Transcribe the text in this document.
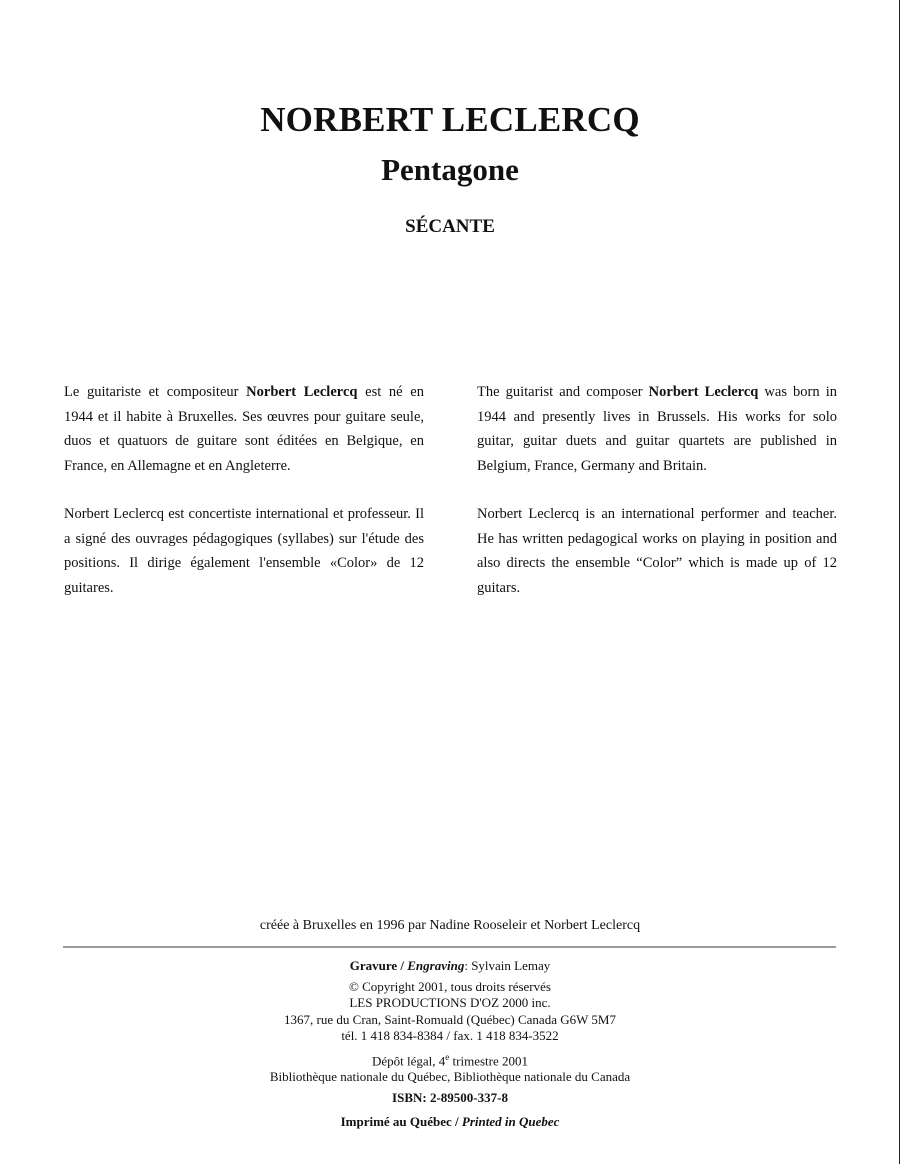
NORBERT LECLERCQ
Pentagone
SÉCANTE

Le guitariste et compositeur Norbert Leclercq est né en 1944 et il habite à Bruxelles. Ses œuvres pour guitare seule, duos et quatuors de guitare sont éditées en Belgique, en France, en Allemagne et en Angleterre.

Norbert Leclercq est concertiste international et professeur. Il a signé des ouvrages pédagogiques (syllabes) sur l'étude des positions. Il dirige également l'ensemble «Color» de 12 guitares.

The guitarist and composer Norbert Leclercq was born in 1944 and presently lives in Brussels. His works for solo guitar, guitar duets and guitar quartets are published in Belgium, France, Germany and Britain.

Norbert Leclercq is an international performer and teacher. He has written pedagogical works on playing in position and also directs the ensemble “Color” which is made up of 12 guitars.

créée à Bruxelles en 1996 par Nadine Rooseleir et Norbert Leclercq
Gravure / Engraving: Sylvain Lemay
© Copyright 2001, tous droits réservés
LES PRODUCTIONS D'OZ 2000 inc.
1367, rue du Cran, Saint-Romuald (Québec) Canada G6W 5M7
tél. 1 418 834-8384 / fax. 1 418 834-3522
Dépôt légal, 4e trimestre 2001
Bibliothèque nationale du Québec, Bibliothèque nationale du Canada
ISBN: 2-89500-337-8
Imprimé au Québec / Printed in Quebec
